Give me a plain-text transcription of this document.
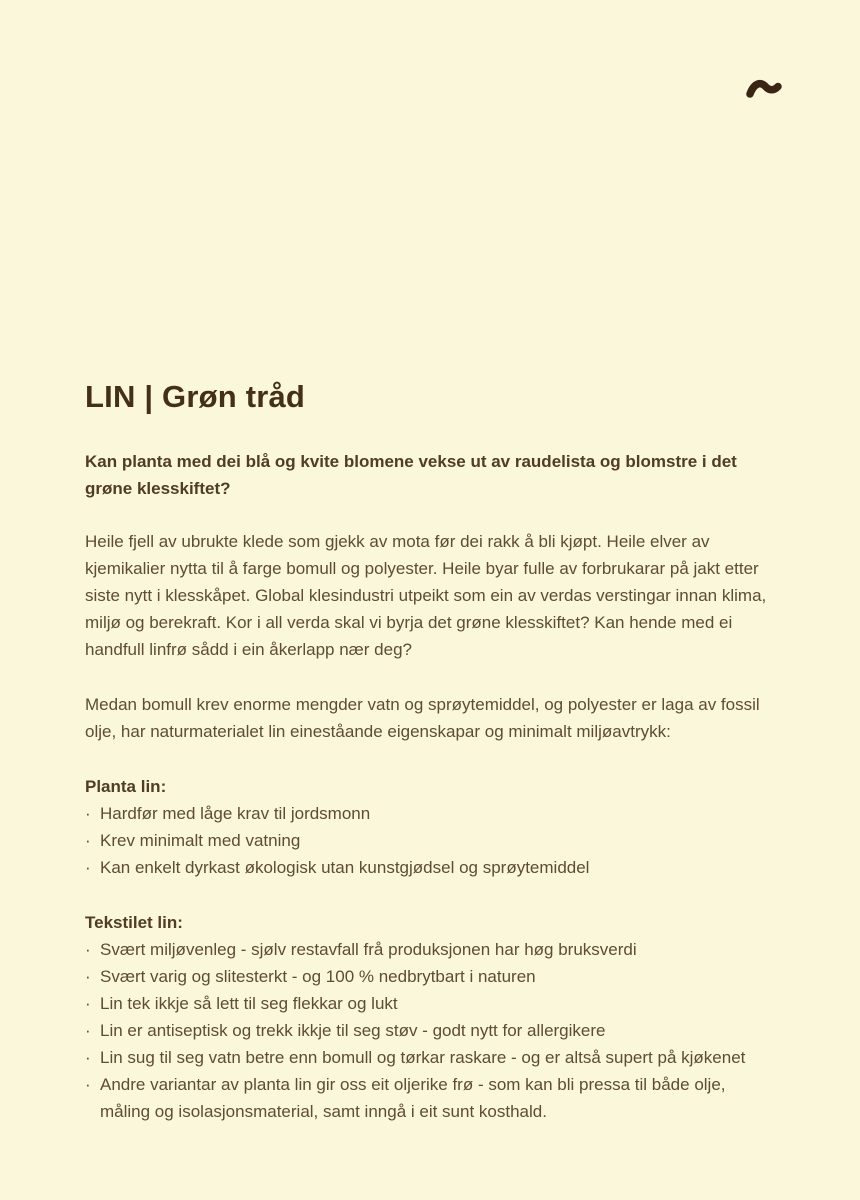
LIN | Grøn tråd

Kan planta med dei blå og kvite blomene vekse ut av raudelista og blomstre i det grøne klesskiftet?

Heile fjell av ubrukte klede som gjekk av mota før dei rakk å bli kjøpt. Heile elver av kjemikalier nytta til å farge bomull og polyester. Heile byar fulle av forbrukarar på jakt etter siste nytt i klesskåpet. Global klesindustri utpeikt som ein av verdas verstingar innan klima, miljø og berekraft. Kor i all verda skal vi byrja det grøne klesskiftet? Kan hende med ei handfull linfrø sådd i ein åkerlapp nær deg?

Medan bomull krev enorme mengder vatn og sprøytemiddel, og polyester er laga av fossil olje, har naturmaterialet lin eineståande eigenskapar og minimalt miljøavtrykk:

Planta lin:
· Hardfør med låge krav til jordsmonn
· Krev minimalt med vatning
· Kan enkelt dyrkast økologisk utan kunstgjødsel og sprøytemiddel
Tekstilet lin:
· Svært miljøvenleg - sjølv restavfall frå produksjonen har høg bruksverdi
· Svært varig og slitesterkt - og 100 % nedbrytbart i naturen
· Lin tek ikkje så lett til seg flekkar og lukt
· Lin er antiseptisk og trekk ikkje til seg støv - godt nytt for allergikere
· Lin sug til seg vatn betre enn bomull og tørkar raskare - og er altså supert på kjøkenet
· Andre variantar av planta lin gir oss eit oljerike frø - som kan bli pressa til både olje, måling og isolasjonsmaterial, samt inngå i eit sunt kosthald.
